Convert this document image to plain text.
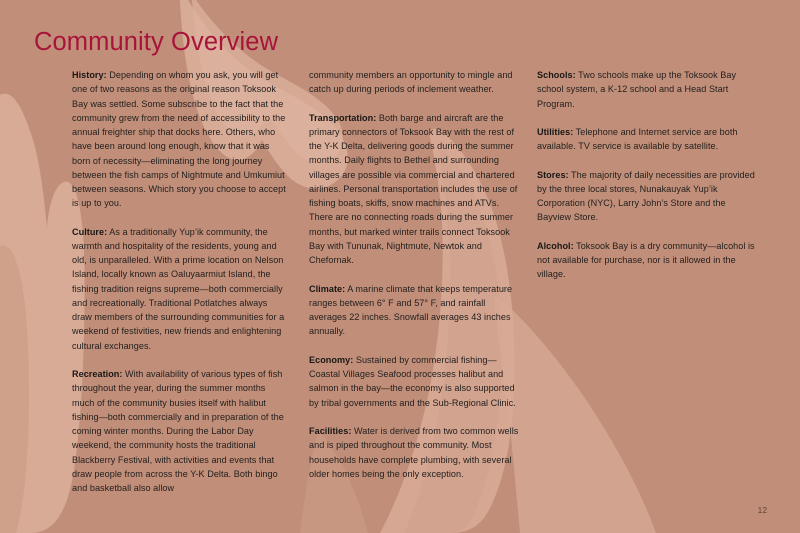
Community Overview

History: Depending on whom you ask, you will get one of two reasons as the original reason Toksook Bay was settled. Some subscribe to the fact that the community grew from the need of accessibility to the annual freighter ship that docks here. Others, who have been around long enough, know that it was born of necessity—eliminating the long journey between the fish camps of Nightmute and Umkumiut between seasons. Which story you choose to accept is up to you.

Culture: As a traditionally Yup’ik community, the warmth and hospitality of the residents, young and old, is unparalleled. With a prime location on Nelson Island, locally known as Oaluyaarmiut Island, the fishing tradition reigns supreme—both commercially and recreationally. Traditional Potlatches always draw members of the surrounding communities for a weekend of festivities, new friends and enlightening cultural exchanges.

Recreation: With availability of various types of fish throughout the year, during the summer months much of the community busies itself with halibut fishing—both commercially and in preparation of the coming winter months. During the Labor Day weekend, the community hosts the traditional Blackberry Festival, with activities and events that draw people from across the Y-K Delta. Both bingo and basketball also allow

community members an opportunity to mingle and catch up during periods of inclement weather.

Transportation: Both barge and aircraft are the primary connectors of Toksook Bay with the rest of the Y-K Delta, delivering goods during the summer months. Daily flights to Bethel and surrounding villages are possible via commercial and chartered airlines. Personal transportation includes the use of fishing boats, skiffs, snow machines and ATVs. There are no connecting roads during the summer months, but marked winter trails connect Toksook Bay with Tununak, Nightmute, Newtok and Chefornak.

Climate: A marine climate that keeps temperature ranges between 6° F and 57° F, and rainfall averages 22 inches. Snowfall averages 43 inches annually.

Economy: Sustained by commercial fishing—Coastal Villages Seafood processes halibut and salmon in the bay—the economy is also supported by tribal governments and the Sub-Regional Clinic.

Facilities: Water is derived from two common wells and is piped throughout the community. Most households have complete plumbing, with several older homes being the only exception.

Schools: Two schools make up the Toksook Bay school system, a K-12 school and a Head Start Program.

Utilities: Telephone and Internet service are both available. TV service is available by satellite.

Stores: The majority of daily necessities are provided by the three local stores, Nunakauyak Yup’ik Corporation (NYC), Larry John’s Store and the Bayview Store.

Alcohol: Toksook Bay is a dry community—alcohol is not available for purchase, nor is it allowed in the village.

12
